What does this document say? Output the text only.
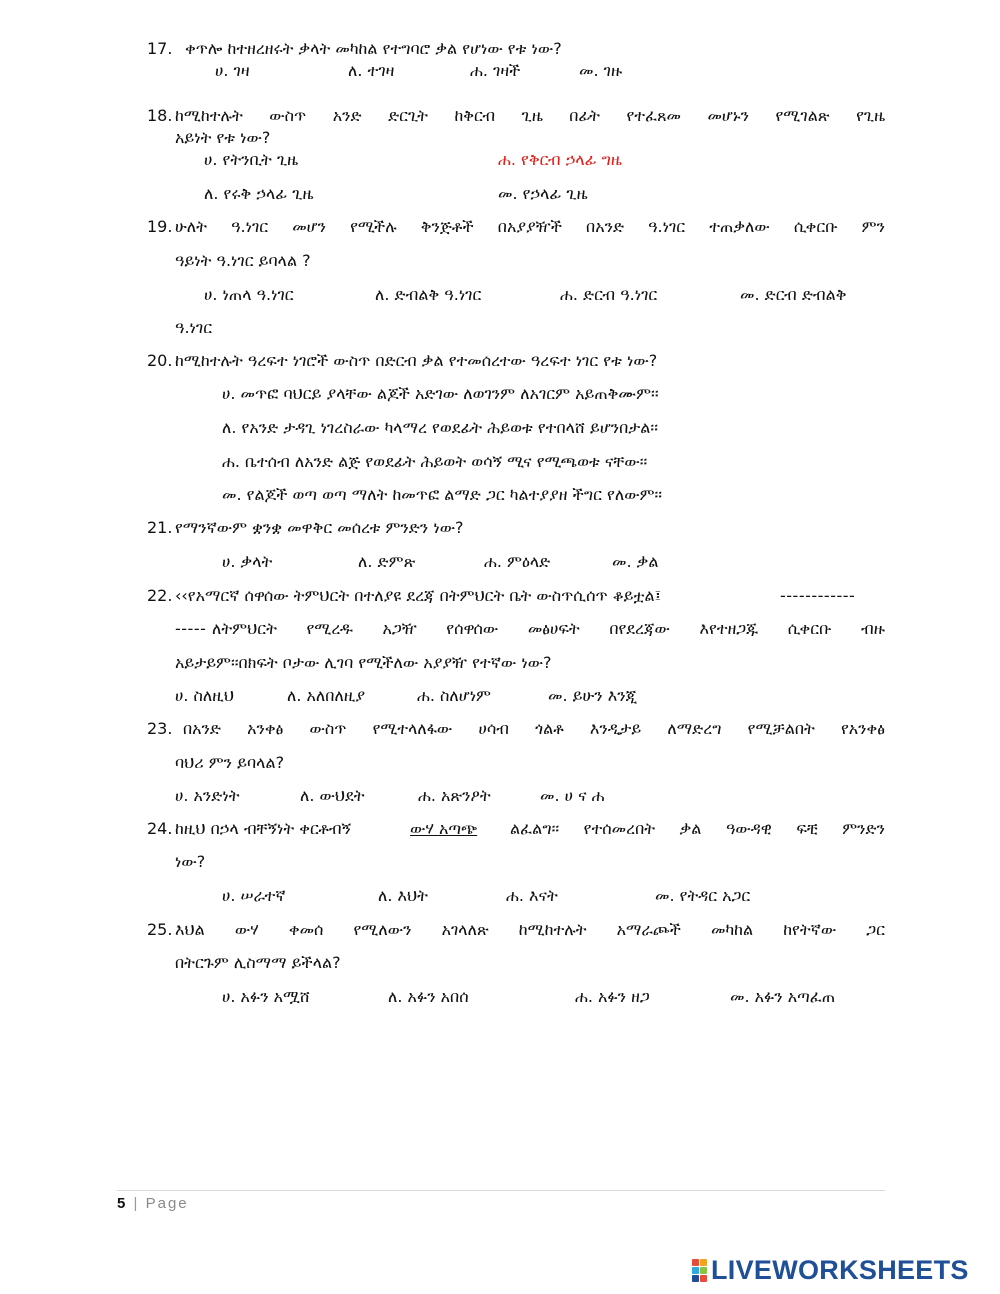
17. ቀጥሎ ከተዘረዘሩት ቃላት መካከል የተግባሮ ቃል የሆነው የቱ ነው?
ሀ. ገዛ	ለ. ተገዛ	ሐ. ገዛች	መ. ገዙ
18. ከሚከተሉት ውስጥ አንድ ድርጊት ከቅርብ ጊዜ በፊት የተፈጸመ መሆኑን የሚገልጽ የጊዜ
አይነት የቱ ነው?
ሀ. የትንቢት ጊዜ	ሐ. የቅርብ ኃላፊ ግዜ
ለ. የሩቅ ኃላፊ ጊዜ	መ. የኃላፊ ጊዜ
19. ሁለት ዓ.ነገር መሆን የሚችሉ ቅንጅቶች በአያያዥች በአንድ ዓ.ነገር ተጠቃለው ሲቀርቡ ምን
ዓይነት ዓ.ነገር ይባላል ?
ሀ. ነጠላ ዓ.ነገር	ለ. ድብልቅ ዓ.ነገር	ሐ. ድርብ ዓ.ነገር	መ. ድርብ ድብልቅ
ዓ.ነገር
20. ከሚከተሉት ዓረፍተ ነገሮች ውስጥ በድርብ ቃል የተመሰረተው ዓረፍተ ነገር የቱ ነው?
ሀ. መጥፎ ባህርይ ያላቸው ልጆች አድገው ለወገንም ለአገርም አይጠቅሙም፡፡
ለ. የአንድ ታዳጊ ነገረስራው ካላማረ የወደፊት ሕይወቱ የተበላሸ ይሆንበታል፡፡
ሐ. ቤተሰብ ለአንድ ልጅ የወደፊት ሕይወት ወሳኝ ሚና የሚጫወቱ ናቸው፡፡
መ. የልጆች ወጣ ወጣ ማለት ከመጥፎ ልማድ ጋር ካልተያያዘ ችግር የለውም፡፡
21. የማንኛውም ቋንቋ መዋቅር መሰረቱ ምንድን ነው?
ሀ. ቃላት	ለ. ድምጽ	ሐ. ምዕላድ	መ. ቃል
22. ‹‹የአማርኛ ሰዋሰው ትምህርት በተለያዩ ደረጃ በትምህርት ቤት ውስጥሲሰጥ ቆይቷል፤	------------
----- ለትምህርት የሚረዱ አጋዥ የሰዋሰው መፅሀፍት በየደረጃው እየተዘጋጁ ሲቀርቡ ብዙ
አይታይም፡፡በክፍት ቦታው ሊገባ የሚችለው አያያዥ የተኛው ነው?
ሀ. ስለዚህ	ለ. አለበለዚያ	ሐ. ስለሆነም	መ. ይሁን እንጂ
23. በአንድ አንቀፅ ውስጥ የሚተላለፋው ሀሳብ ጎልቶ እንዲታይ ለማድረግ የሚቻልበት የአንቀፅ
ባህሪ ምን ይባላል?
ሀ. አንድነት	ለ. ውህደት	ሐ. አጽንዖት	መ. ሀ ና ሐ
24. ከዚህ በኃላ ብቸኝነት ቀርቶብኝ	ውሃ አጣጭ ልፈልግ፡፡ የተሰመረበት ቃል ዓውዳዊ ፍቺ ምንድን
ነው?
ሀ. ሠራተኛ	ለ. እህት	ሐ. እናት	መ. የትዳር አጋር
25. እህል ውሃ ቀመሰ የሚለውን አገላለጽ ከሚከተሉት አማራጮች መካከል ከየትኛው ጋር
በትርጉም ሊስማማ ይችላል?
ሀ. አፉን አሟሸ	ለ. አፉን አበሰ	ሐ. አፉን ዘጋ	መ. አፉን አጣፈጠ
5 | Page
LIVEWORKSHEETS
